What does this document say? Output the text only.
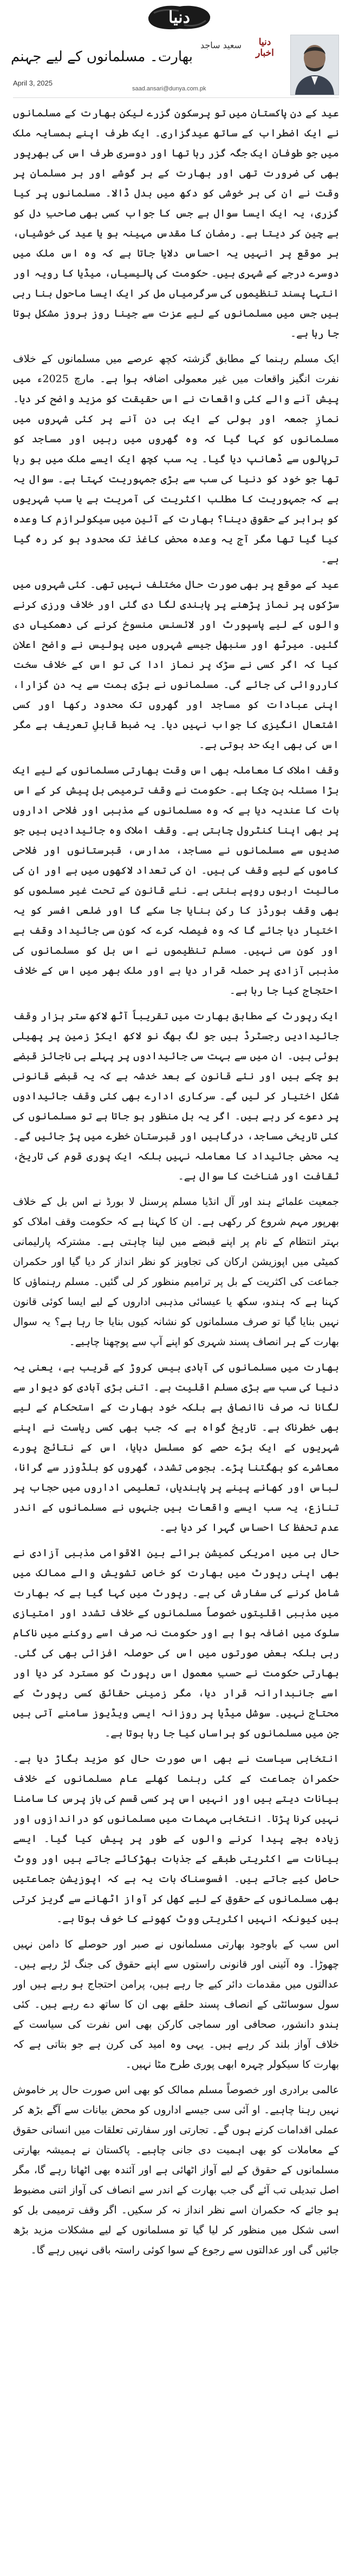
دنیا
دنیا
اخبار
سعید ساجد
بھارت۔ مسلمانوں کے لیے جہنم
April 3, 2025
saad.ansari@dunya.com.pk

عید کے دن پاکستان میں تو پرسکون گزرے لیکن بھارت کے مسلمانوں نے ایک اضطراب کے ساتھ عیدگزاری۔ ایک طرف اپنے ہمسایہ ملک میں جو طوفان ایک جگہ گزر رہا تھا اور دوسری طرف اس کی بھرپور بھی کی ضرورت تھی اور بھارت کے ہر گوشے اور ہر مسلمان پر وقت نے ان کی ہر خوشی کو دکھ میں بدل ڈالا۔ مسلمانوں پر کیا گزری، یہ ایک ایسا سوال ہے جس کا جواب کسی بھی صاحبِ دل کو بے چین کر دیتا ہے۔ رمضان کا مقدس مہینہ ہو یا عید کی خوشیاں، ہر موقع پر انہیں یہ احساس دلایا جاتا ہے کہ وہ اس ملک میں دوسرے درجے کے شہری ہیں۔ حکومت کی پالیسیاں، میڈیا کا رویہ اور انتہا پسند تنظیموں کی سرگرمیاں مل کر ایک ایسا ماحول بنا رہی ہیں جس میں مسلمانوں کے لیے عزت سے جینا روز بروز مشکل ہوتا جا رہا ہے۔

ایک مسلم رہنما کے مطابق گزشتہ کچھ عرصے میں مسلمانوں کے خلاف نفرت انگیز واقعات میں غیر معمولی اضافہ ہوا ہے۔ مارچ 2025ء میں پیش آنے والے کئی واقعات نے اس حقیقت کو مزید واضح کر دیا۔ نمازِ جمعہ اور ہولی کے ایک ہی دن آنے پر کئی شہروں میں مسلمانوں کو کہا گیا کہ وہ گھروں میں رہیں اور مساجد کو ترپالوں سے ڈھانپ دیا گیا۔ یہ سب کچھ ایک ایسے ملک میں ہو رہا تھا جو خود کو دنیا کی سب سے بڑی جمہوریت کہتا ہے۔ سوال یہ ہے کہ جمہوریت کا مطلب اکثریت کی آمریت ہے یا سب شہریوں کو برابر کے حقوق دینا؟ بھارت کے آئین میں سیکولرازم کا وعدہ کیا گیا تھا مگر آج یہ وعدہ محض کاغذ تک محدود ہو کر رہ گیا ہے۔

عید کے موقع پر بھی صورت حال مختلف نہیں تھی۔ کئی شہروں میں سڑکوں پر نماز پڑھنے پر پابندی لگا دی گئی اور خلاف ورزی کرنے والوں کے لیے پاسپورٹ اور لائسنس منسوخ کرنے کی دھمکیاں دی گئیں۔ میرٹھ اور سنبھل جیسے شہروں میں پولیس نے واضح اعلان کیا کہ اگر کسی نے سڑک پر نماز ادا کی تو اس کے خلاف سخت کارروائی کی جائے گی۔ مسلمانوں نے بڑی ہمت سے یہ دن گزارا، اپنی عبادات کو مساجد اور گھروں تک محدود رکھا اور کسی اشتعال انگیزی کا جواب نہیں دیا۔ یہ ضبط قابلِ تعریف ہے مگر اس کی بھی ایک حد ہوتی ہے۔

وقف املاک کا معاملہ بھی اس وقت بھارتی مسلمانوں کے لیے ایک بڑا مسئلہ بن چکا ہے۔ حکومت نے وقف ترمیمی بل پیش کر کے اس بات کا عندیہ دیا ہے کہ وہ مسلمانوں کے مذہبی اور فلاحی اداروں پر بھی اپنا کنٹرول چاہتی ہے۔ وقف املاک وہ جائیدادیں ہیں جو صدیوں سے مسلمانوں نے مساجد، مدارس، قبرستانوں اور فلاحی کاموں کے لیے وقف کی ہیں۔ ان کی تعداد لاکھوں میں ہے اور ان کی مالیت اربوں روپے بنتی ہے۔ نئے قانون کے تحت غیر مسلموں کو بھی وقف بورڈز کا رکن بنایا جا سکے گا اور ضلعی افسر کو یہ اختیار دیا جائے گا کہ وہ فیصلہ کرے کہ کون سی جائیداد وقف ہے اور کون سی نہیں۔ مسلم تنظیموں نے اس بل کو مسلمانوں کی مذہبی آزادی پر حملہ قرار دیا ہے اور ملک بھر میں اس کے خلاف احتجاج کیا جا رہا ہے۔

ایک رپورٹ کے مطابق بھارت میں تقریباً آٹھ لاکھ ستر ہزار وقف جائیدادیں رجسٹرڈ ہیں جو لگ بھگ نو لاکھ ایکڑ زمین پر پھیلی ہوئی ہیں۔ ان میں سے بہت سی جائیدادوں پر پہلے ہی ناجائز قبضے ہو چکے ہیں اور نئے قانون کے بعد خدشہ ہے کہ یہ قبضے قانونی شکل اختیار کر لیں گے۔ سرکاری ادارے بھی کئی وقف جائیدادوں پر دعوے کر رہے ہیں۔ اگر یہ بل منظور ہو جاتا ہے تو مسلمانوں کی کئی تاریخی مساجد، درگاہیں اور قبرستان خطرے میں پڑ جائیں گے۔ یہ محض جائیداد کا معاملہ نہیں بلکہ ایک پوری قوم کی تاریخ، ثقافت اور شناخت کا سوال ہے۔

جمعیت علمائے ہند اور آل انڈیا مسلم پرسنل لا بورڈ نے اس بل کے خلاف بھرپور مہم شروع کر رکھی ہے۔ ان کا کہنا ہے کہ حکومت وقف املاک کو بہتر انتظام کے نام پر اپنے قبضے میں لینا چاہتی ہے۔ مشترکہ پارلیمانی کمیٹی میں اپوزیشن ارکان کی تجاویز کو نظر انداز کر دیا گیا اور حکمران جماعت کی اکثریت کے بل پر ترامیم منظور کر لی گئیں۔ مسلم رہنماؤں کا کہنا ہے کہ ہندو، سکھ یا عیسائی مذہبی اداروں کے لیے ایسا کوئی قانون نہیں بنایا گیا تو صرف مسلمانوں کو نشانہ کیوں بنایا جا رہا ہے؟ یہ سوال بھارت کے ہر انصاف پسند شہری کو اپنے آپ سے پوچھنا چاہیے۔

بھارت میں مسلمانوں کی آبادی بیس کروڑ کے قریب ہے، یعنی یہ دنیا کی سب سے بڑی مسلم اقلیت ہے۔ اتنی بڑی آبادی کو دیوار سے لگانا نہ صرف ناانصافی ہے بلکہ خود بھارت کے استحکام کے لیے بھی خطرناک ہے۔ تاریخ گواہ ہے کہ جب بھی کسی ریاست نے اپنے شہریوں کے ایک بڑے حصے کو مسلسل دبایا، اس کے نتائج پورے معاشرے کو بھگتنا پڑے۔ ہجومی تشدد، گھروں کو بلڈوزر سے گرانا، لباس اور کھانے پینے پر پابندیاں، تعلیمی اداروں میں حجاب پر تنازع، یہ سب ایسے واقعات ہیں جنہوں نے مسلمانوں کے اندر عدم تحفظ کا احساس گہرا کر دیا ہے۔

حال ہی میں امریکی کمیشن برائے بین الاقوامی مذہبی آزادی نے بھی اپنی رپورٹ میں بھارت کو خاص تشویش والے ممالک میں شامل کرنے کی سفارش کی ہے۔ رپورٹ میں کہا گیا ہے کہ بھارت میں مذہبی اقلیتوں خصوصاً مسلمانوں کے خلاف تشدد اور امتیازی سلوک میں اضافہ ہوا ہے اور حکومت نہ صرف اسے روکنے میں ناکام رہی بلکہ بعض صورتوں میں اس کی حوصلہ افزائی بھی کی گئی۔ بھارتی حکومت نے حسبِ معمول اس رپورٹ کو مسترد کر دیا اور اسے جانبدارانہ قرار دیا، مگر زمینی حقائق کسی رپورٹ کے محتاج نہیں۔ سوشل میڈیا پر روزانہ ایسی ویڈیوز سامنے آتی ہیں جن میں مسلمانوں کو ہراساں کیا جا رہا ہوتا ہے۔

انتخابی سیاست نے بھی اس صورت حال کو مزید بگاڑ دیا ہے۔ حکمران جماعت کے کئی رہنما کھلے عام مسلمانوں کے خلاف بیانات دیتے ہیں اور انہیں اس پر کسی قسم کی باز پرس کا سامنا نہیں کرنا پڑتا۔ انتخابی مہمات میں مسلمانوں کو دراندازوں اور زیادہ بچے پیدا کرنے والوں کے طور پر پیش کیا گیا۔ ایسے بیانات سے اکثریتی طبقے کے جذبات بھڑکائے جاتے ہیں اور ووٹ حاصل کیے جاتے ہیں۔ افسوسناک بات یہ ہے کہ اپوزیشن جماعتیں بھی مسلمانوں کے حقوق کے لیے کھل کر آواز اٹھانے سے گریز کرتی ہیں کیونکہ انہیں اکثریتی ووٹ کھونے کا خوف ہوتا ہے۔

اس سب کے باوجود بھارتی مسلمانوں نے صبر اور حوصلے کا دامن نہیں چھوڑا۔ وہ آئینی اور قانونی راستوں سے اپنے حقوق کی جنگ لڑ رہے ہیں۔ عدالتوں میں مقدمات دائر کیے جا رہے ہیں، پرامن احتجاج ہو رہے ہیں اور سول سوسائٹی کے انصاف پسند حلقے بھی ان کا ساتھ دے رہے ہیں۔ کئی ہندو دانشور، صحافی اور سماجی کارکن بھی اس نفرت کی سیاست کے خلاف آواز بلند کر رہے ہیں۔ یہی وہ امید کی کرن ہے جو بتاتی ہے کہ بھارت کا سیکولر چہرہ ابھی پوری طرح مٹا نہیں۔

عالمی برادری اور خصوصاً مسلم ممالک کو بھی اس صورت حال پر خاموش نہیں رہنا چاہیے۔ او آئی سی جیسے اداروں کو محض بیانات سے آگے بڑھ کر عملی اقدامات کرنے ہوں گے۔ تجارتی اور سفارتی تعلقات میں انسانی حقوق کے معاملات کو بھی اہمیت دی جانی چاہیے۔ پاکستان نے ہمیشہ بھارتی مسلمانوں کے حقوق کے لیے آواز اٹھائی ہے اور آئندہ بھی اٹھاتا رہے گا، مگر اصل تبدیلی تب آئے گی جب بھارت کے اندر سے انصاف کی آواز اتنی مضبوط ہو جائے کہ حکمران اسے نظر انداز نہ کر سکیں۔ اگر وقف ترمیمی بل کو اسی شکل میں منظور کر لیا گیا تو مسلمانوں کے لیے مشکلات مزید بڑھ جائیں گی اور عدالتوں سے رجوع کے سوا کوئی راستہ باقی نہیں رہے گا۔
